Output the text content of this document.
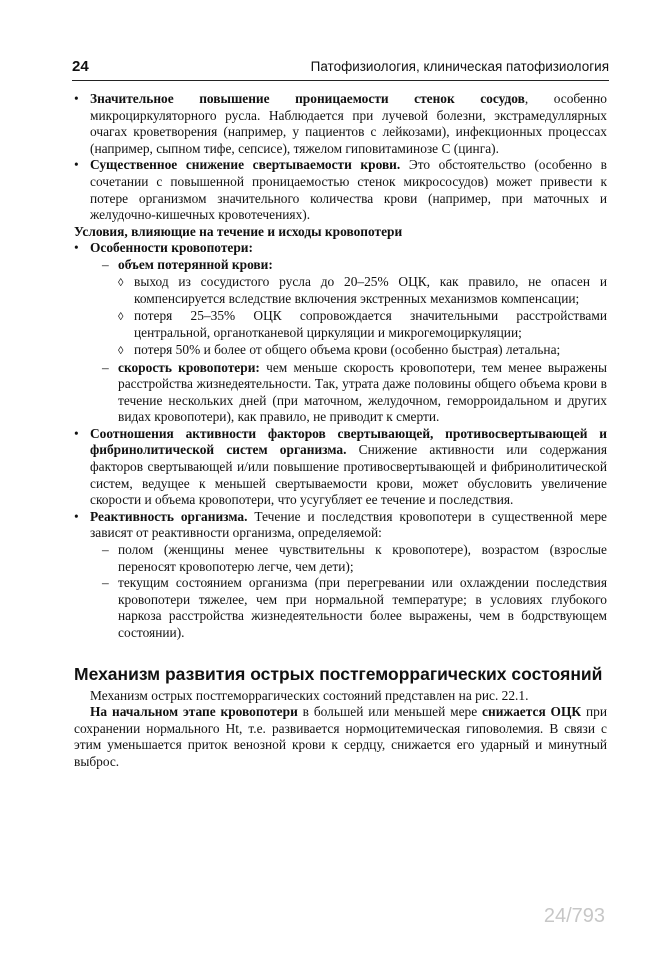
24	Патофизиология, клиническая патофизиология

• Значительное повышение проницаемости стенок сосудов, особенно микроциркуляторного русла. Наблюдается при лучевой болезни, экстрамедуллярных очагах кроветворения (например, у пациентов с лейкозами), инфекционных процессах (например, сыпном тифе, сепсисе), тяжелом гиповитаминозе С (цинга).

• Существенное снижение свертываемости крови. Это обстоятельство (особенно в сочетании с повышенной проницаемостью стенок микрососудов) может привести к потере организмом значительного количества крови (например, при маточных и желудочно-кишечных кровотечениях).

Условия, влияющие на течение и исходы кровопотери

• Особенности кровопотери:

– объем потерянной крови:

◊ выход из сосудистого русла до 20–25% ОЦК, как правило, не опасен и компенсируется вследствие включения экстренных механизмов компенсации;

◊ потеря 25–35% ОЦК сопровождается значительными расстройствами центральной, органотканевой циркуляции и микрогемоциркуляции;

◊ потеря 50% и более от общего объема крови (особенно быстрая) летальна;

– скорость кровопотери: чем меньше скорость кровопотери, тем менее выражены расстройства жизнедеятельности. Так, утрата даже половины общего объема крови в течение нескольких дней (при маточном, желудочном, геморроидальном и других видах кровопотери), как правило, не приводит к смерти.

• Соотношения активности факторов свертывающей, противосвертывающей и фибринолитической систем организма. Снижение активности или содержания факторов свертывающей и/или повышение противосвертывающей и фибринолитической систем, ведущее к меньшей свертываемости крови, может обусловить увеличение скорости и объема кровопотери, что усугубляет ее течение и последствия.

• Реактивность организма. Течение и последствия кровопотери в существенной мере зависят от реактивности организма, определяемой:

– полом (женщины менее чувствительны к кровопотере), возрастом (взрослые переносят кровопотерю легче, чем дети);

– текущим состоянием организма (при перегревании или охлаждении последствия кровопотери тяжелее, чем при нормальной температуре; в условиях глубокого наркоза расстройства жизнедеятельности более выражены, чем в бодрствующем состоянии).

Механизм развития острых постгеморрагических состояний

Механизм острых постгеморрагических состояний представлен на рис. 22.1.

На начальном этапе кровопотери в большей или меньшей мере снижается ОЦК при сохранении нормального Ht, т.е. развивается нормоцитемическая гиповолемия. В связи с этим уменьшается приток венозной крови к сердцу, снижается его ударный и минутный выброс.

24/793
